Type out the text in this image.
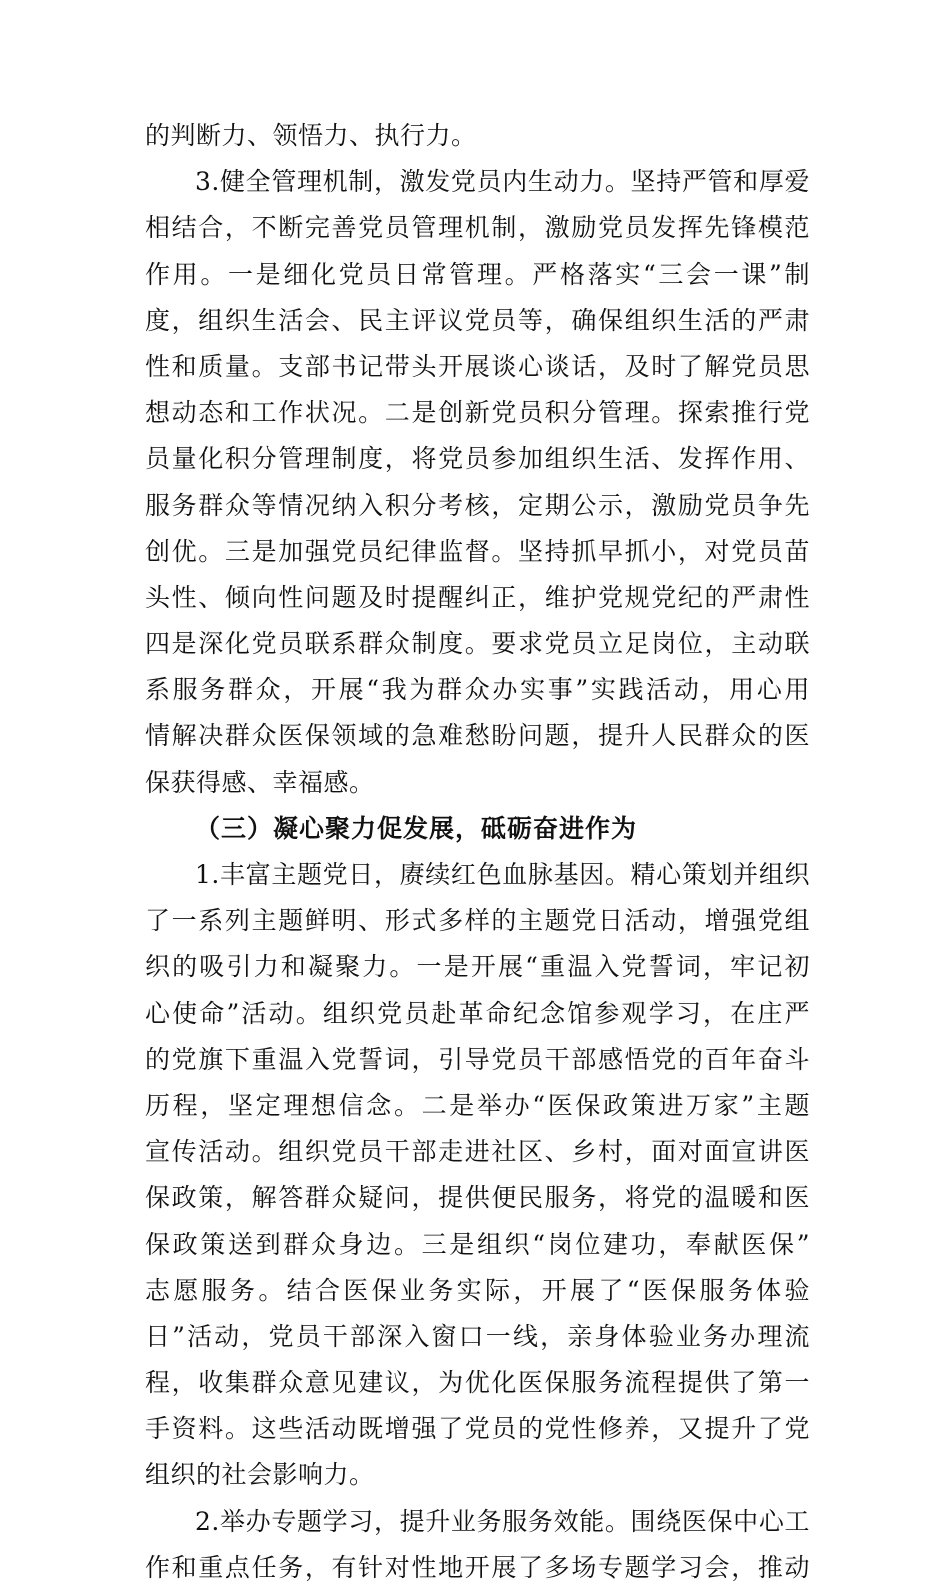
的判断力、领悟力、执行力。
3.健全管理机制，激发党员内生动力。坚持严管和厚爱
相结合，不断完善党员管理机制，激励党员发挥先锋模范
作用。一是细化党员日常管理。严格落实“三会一课”制
度，组织生活会、民主评议党员等，确保组织生活的严肃
性和质量。支部书记带头开展谈心谈话，及时了解党员思
想动态和工作状况。二是创新党员积分管理。探索推行党
员量化积分管理制度，将党员参加组织生活、发挥作用、
服务群众等情况纳入积分考核，定期公示，激励党员争先
创优。三是加强党员纪律监督。坚持抓早抓小，对党员苗
头性、倾向性问题及时提醒纠正，维护党规党纪的严肃性
四是深化党员联系群众制度。要求党员立足岗位，主动联
系服务群众，开展“我为群众办实事”实践活动，用心用
情解决群众医保领域的急难愁盼问题，提升人民群众的医
保获得感、幸福感。
（三）凝心聚力促发展，砥砺奋进作为
1.丰富主题党日，赓续红色血脉基因。精心策划并组织
了一系列主题鲜明、形式多样的主题党日活动，增强党组
织的吸引力和凝聚力。一是开展“重温入党誓词，牢记初
心使命”活动。组织党员赴革命纪念馆参观学习，在庄严
的党旗下重温入党誓词，引导党员干部感悟党的百年奋斗
历程，坚定理想信念。二是举办“医保政策进万家”主题
宣传活动。组织党员干部走进社区、乡村，面对面宣讲医
保政策，解答群众疑问，提供便民服务，将党的温暖和医
保政策送到群众身边。三是组织“岗位建功，奉献医保”
志愿服务。结合医保业务实际，开展了“医保服务体验
日”活动，党员干部深入窗口一线，亲身体验业务办理流
程，收集群众意见建议，为优化医保服务流程提供了第一
手资料。这些活动既增强了党员的党性修养，又提升了党
组织的社会影响力。
2.举办专题学习，提升业务服务效能。围绕医保中心工
作和重点任务，有针对性地开展了多场专题学习会，推动
